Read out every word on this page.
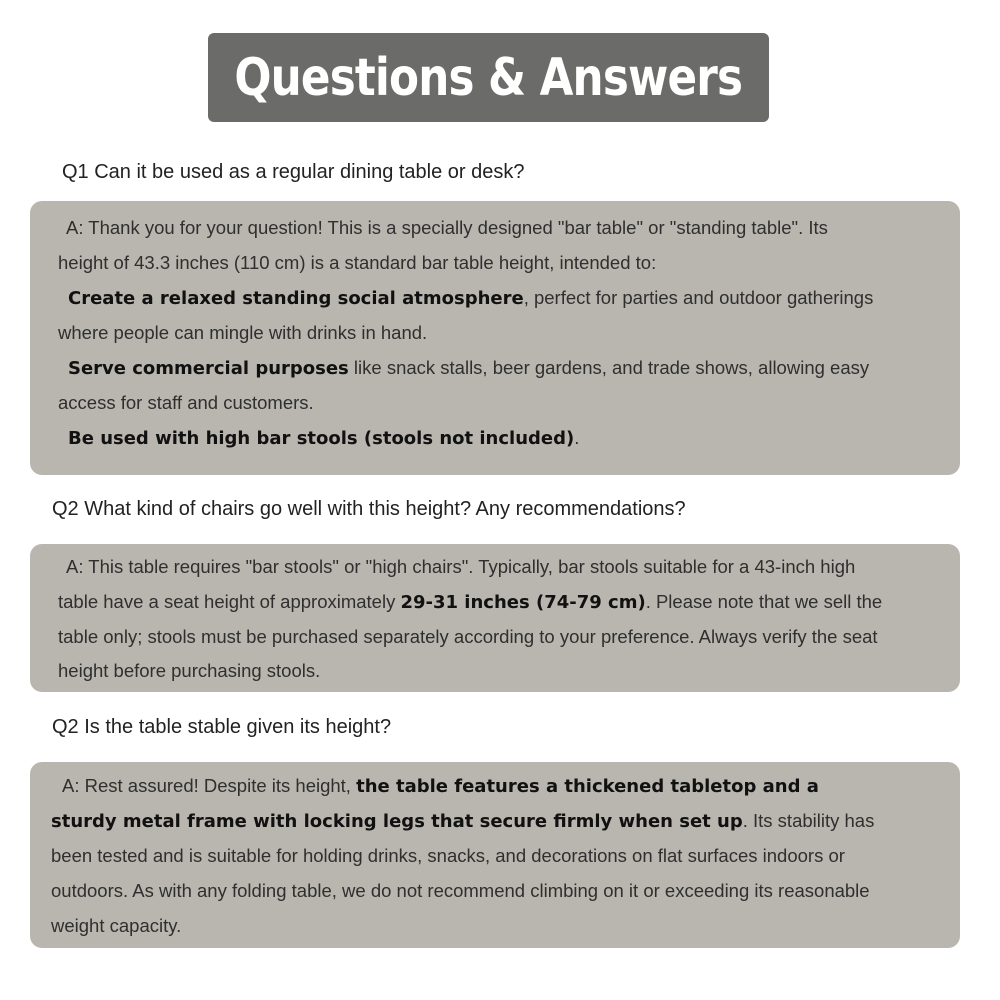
Questions & Answers
Q1 Can it be used as a regular dining table or desk?
A: Thank you for your question! This is a specially designed "bar table" or "standing table". Its
height of 43.3 inches (110 cm) is a standard bar table height, intended to:
Create a relaxed standing social atmosphere, perfect for parties and outdoor gatherings
where people can mingle with drinks in hand.
Serve commercial purposes like snack stalls, beer gardens, and trade shows, allowing easy
access for staff and customers.
Be used with high bar stools (stools not included).
Q2 What kind of chairs go well with this height? Any recommendations?
A: This table requires "bar stools" or "high chairs". Typically, bar stools suitable for a 43-inch high
table have a seat height of approximately 29-31 inches (74-79 cm). Please note that we sell the
table only; stools must be purchased separately according to your preference. Always verify the seat
height before purchasing stools.
Q2 Is the table stable given its height?
A: Rest assured! Despite its height, the table features a thickened tabletop and a
sturdy metal frame with locking legs that secure firmly when set up. Its stability has
been tested and is suitable for holding drinks, snacks, and decorations on flat surfaces indoors or
outdoors. As with any folding table, we do not recommend climbing on it or exceeding its reasonable
weight capacity.
